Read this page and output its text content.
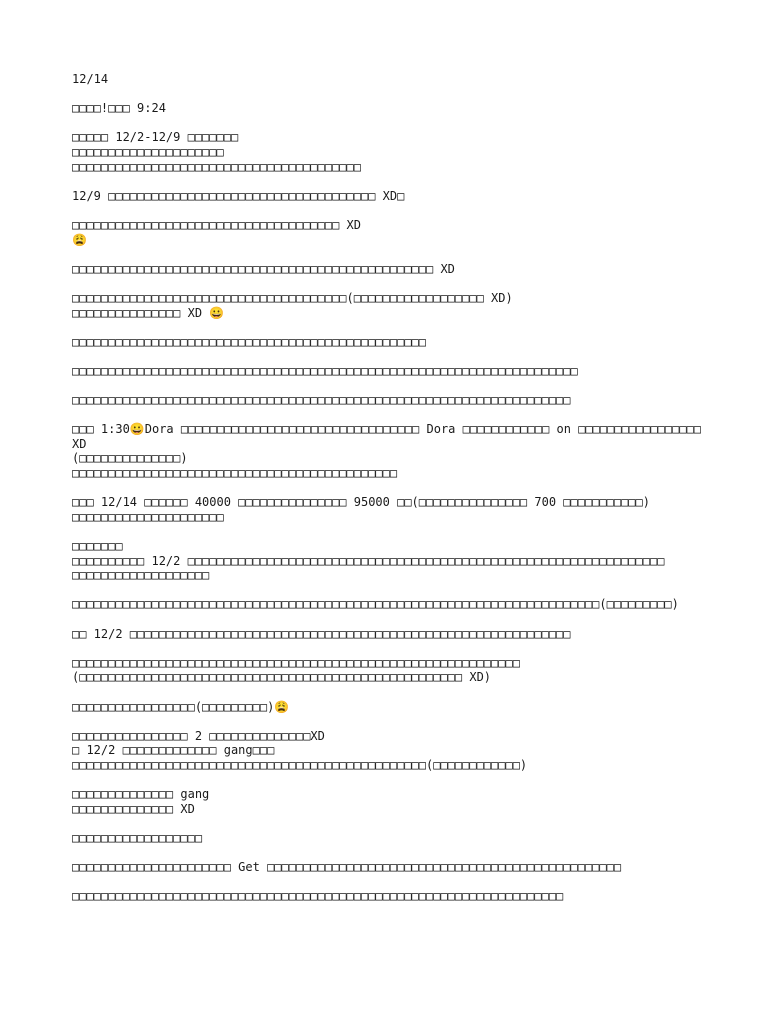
12/14
□□□□!□□□ 9:24
□□□□□ 12/2-12/9 □□□□□□□
□□□□□□□□□□□□□□□□□□□□□
□□□□□□□□□□□□□□□□□□□□□□□□□□□□□□□□□□□□□□□□
12/9 □□□□□□□□□□□□□□□□□□□□□□□□□□□□□□□□□□□□□ XD□
□□□□□□□□□□□□□□□□□□□□□□□□□□□□□□□□□□□□□ XD
😩
□□□□□□□□□□□□□□□□□□□□□□□□□□□□□□□□□□□□□□□□□□□□□□□□□□ XD
□□□□□□□□□□□□□□□□□□□□□□□□□□□□□□□□□□□□□□(□□□□□□□□□□□□□□□□□□ XD)
□□□□□□□□□□□□□□□ XD 😀
□□□□□□□□□□□□□□□□□□□□□□□□□□□□□□□□□□□□□□□□□□□□□□□□□
□□□□□□□□□□□□□□□□□□□□□□□□□□□□□□□□□□□□□□□□□□□□□□□□□□□□□□□□□□□□□□□□□□□□□□
□□□□□□□□□□□□□□□□□□□□□□□□□□□□□□□□□□□□□□□□□□□□□□□□□□□□□□□□□□□□□□□□□□□□□
□□□ 1:30😀Dora □□□□□□□□□□□□□□□□□□□□□□□□□□□□□□□□□ Dora □□□□□□□□□□□□ on □□□□□□□□□□□□□□□□□
XD
(□□□□□□□□□□□□□□)
□□□□□□□□□□□□□□□□□□□□□□□□□□□□□□□□□□□□□□□□□□□□□
□□□ 12/14 □□□□□□ 40000 □□□□□□□□□□□□□□□ 95000 □□(□□□□□□□□□□□□□□□ 700 □□□□□□□□□□□)
□□□□□□□□□□□□□□□□□□□□□
□□□□□□□
□□□□□□□□□□ 12/2 □□□□□□□□□□□□□□□□□□□□□□□□□□□□□□□□□□□□□□□□□□□□□□□□□□□□□□□□□□□□□□□□□□
□□□□□□□□□□□□□□□□□□□
□□□□□□□□□□□□□□□□□□□□□□□□□□□□□□□□□□□□□□□□□□□□□□□□□□□□□□□□□□□□□□□□□□□□□□□□□(□□□□□□□□□)
□□ 12/2 □□□□□□□□□□□□□□□□□□□□□□□□□□□□□□□□□□□□□□□□□□□□□□□□□□□□□□□□□□□□□
□□□□□□□□□□□□□□□□□□□□□□□□□□□□□□□□□□□□□□□□□□□□□□□□□□□□□□□□□□□□□□
(□□□□□□□□□□□□□□□□□□□□□□□□□□□□□□□□□□□□□□□□□□□□□□□□□□□□□ XD)
□□□□□□□□□□□□□□□□□(□□□□□□□□□)😩
□□□□□□□□□□□□□□□□ 2 □□□□□□□□□□□□□□XD
□ 12/2 □□□□□□□□□□□□□ gang□□□
□□□□□□□□□□□□□□□□□□□□□□□□□□□□□□□□□□□□□□□□□□□□□□□□□(□□□□□□□□□□□□)
□□□□□□□□□□□□□□ gang
□□□□□□□□□□□□□□ XD
□□□□□□□□□□□□□□□□□□
□□□□□□□□□□□□□□□□□□□□□□ Get □□□□□□□□□□□□□□□□□□□□□□□□□□□□□□□□□□□□□□□□□□□□□□□□□
□□□□□□□□□□□□□□□□□□□□□□□□□□□□□□□□□□□□□□□□□□□□□□□□□□□□□□□□□□□□□□□□□□□□
